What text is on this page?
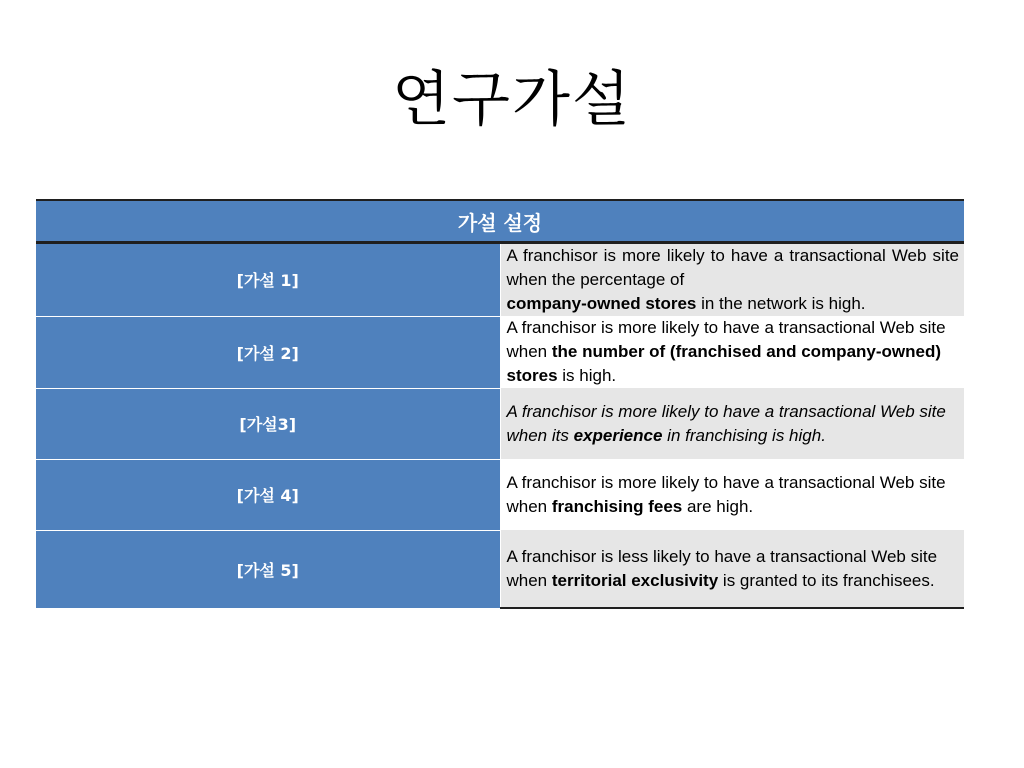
연구가설
가설 설정	
[가설 1]	A franchisor is more likely to have a transactional Web site when the percentage of
company-owned stores in the network is high.
[가설 2]	A franchisor is more likely to have a transactional Web site
when the number of (franchised and company-owned) stores is high.
[가설3]	A franchisor is more likely to have a transactional Web site
when its experience in franchising is high.
[가설 4]	A franchisor is more likely to have a transactional Web site
when franchising fees are high.
[가설 5]	A franchisor is less likely to have a transactional Web site
when territorial exclusivity is granted to its franchisees.
